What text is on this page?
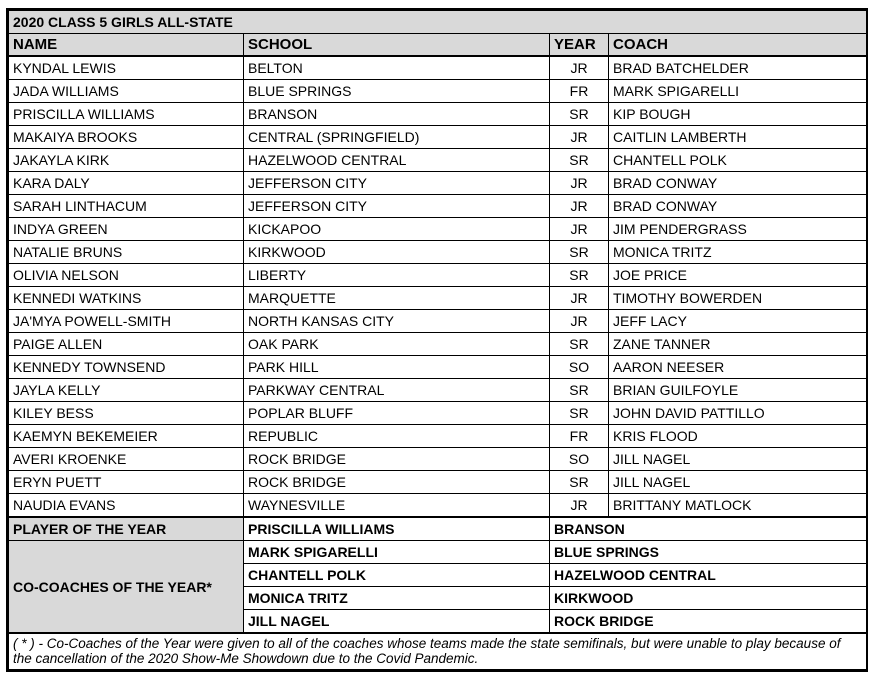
2020 CLASS 5 GIRLS ALL-STATE			
NAME	SCHOOL	YEAR	COACH
KYNDAL LEWIS	BELTON	JR	BRAD BATCHELDER
JADA WILLIAMS	BLUE SPRINGS	FR	MARK SPIGARELLI
PRISCILLA WILLIAMS	BRANSON	SR	KIP BOUGH
MAKAIYA BROOKS	CENTRAL (SPRINGFIELD)	JR	CAITLIN LAMBERTH
JAKAYLA KIRK	HAZELWOOD CENTRAL	SR	CHANTELL POLK
KARA DALY	JEFFERSON CITY	JR	BRAD CONWAY
SARAH LINTHACUM	JEFFERSON CITY	JR	BRAD CONWAY
INDYA GREEN	KICKAPOO	JR	JIM PENDERGRASS
NATALIE BRUNS	KIRKWOOD	SR	MONICA TRITZ
OLIVIA NELSON	LIBERTY	SR	JOE PRICE
KENNEDI WATKINS	MARQUETTE	JR	TIMOTHY BOWERDEN
JA'MYA POWELL-SMITH	NORTH KANSAS CITY	JR	JEFF LACY
PAIGE ALLEN	OAK PARK	SR	ZANE TANNER
KENNEDY TOWNSEND	PARK HILL	SO	AARON NEESER
JAYLA KELLY	PARKWAY CENTRAL	SR	BRIAN GUILFOYLE
KILEY BESS	POPLAR BLUFF	SR	JOHN DAVID PATTILLO
KAEMYN BEKEMEIER	REPUBLIC	FR	KRIS FLOOD
AVERI KROENKE	ROCK BRIDGE	SO	JILL NAGEL
ERYN PUETT	ROCK BRIDGE	SR	JILL NAGEL
NAUDIA EVANS	WAYNESVILLE	JR	BRITTANY MATLOCK
PLAYER OF THE YEAR	PRISCILLA WILLIAMS	BRANSON	
CO-COACHES OF THE YEAR*	MARK SPIGARELLI	BLUE SPRINGS	
	CHANTELL POLK	HAZELWOOD CENTRAL	
	MONICA TRITZ	KIRKWOOD	
	JILL NAGEL	ROCK BRIDGE	
( * ) - Co-Coaches of the Year were given to all of the coaches whose teams made the state semifinals, but were unable to play because of the cancellation of the 2020 Show-Me Showdown due to the Covid Pandemic.			
